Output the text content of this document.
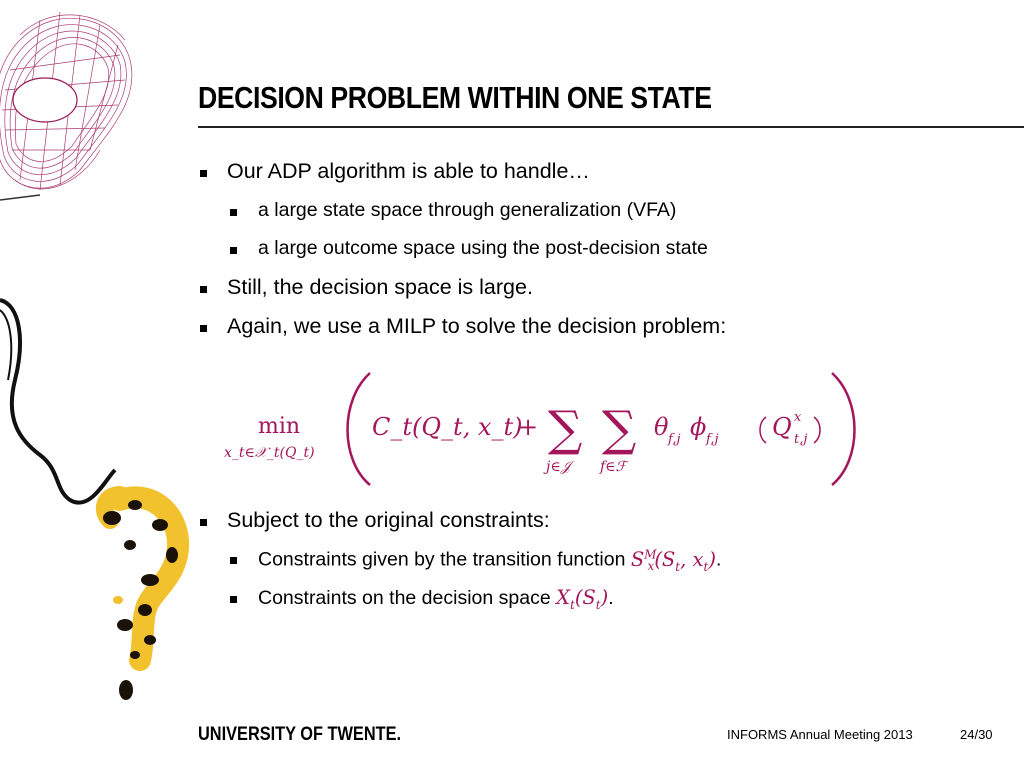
DECISION PROBLEM WITHIN ONE STATE
Our ADP algorithm is able to handle…
a large state space through generalization (VFA)
a large outcome space using the post-decision state
Still, the decision space is large.
Again, we use a MILP to solve the decision problem:
Subject to the original constraints:
Constraints given by the transition function $S^M_x(S_t$, $x_t$).
Constraints on the decision space $X_t(S_t)$.
min
x_t∈𝒳_t(Q_t)
C_t(Q_t, x_t)
+ ∑
j∈𝒥
∑
f∈ℱ
θ f,j ϕ f,j Q x
t,j
UNIVERSITY OF TWENTE.	INFORMS Annual Meeting 2013	24/30
